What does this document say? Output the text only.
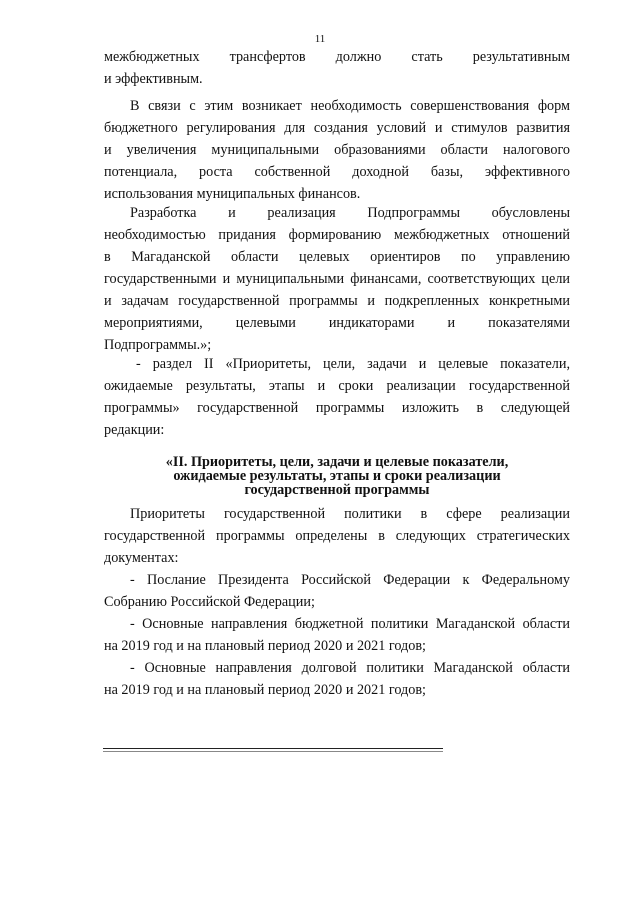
11
межбюджетных трансфертов должно стать результативным
и эффективным.
В связи с этим возникает необходимость совершенствования форм
бюджетного регулирования для создания условий и стимулов развития
и увеличения муниципальными образованиями области налогового
потенциала, роста собственной доходной базы, эффективного
использования муниципальных финансов.
Разработка и реализация Подпрограммы обусловлены
необходимостью придания формированию межбюджетных отношений
в Магаданской области целевых ориентиров по управлению
государственными и муниципальными финансами, соответствующих цели
и задачам государственной программы и подкрепленных конкретными
мероприятиями, целевыми индикаторами и показателями
Подпрограммы.»;
- раздел II «Приоритеты, цели, задачи и целевые показатели,
ожидаемые результаты, этапы и сроки реализации государственной
программы» государственной программы изложить в следующей
редакции:
«II. Приоритеты, цели, задачи и целевые показатели,
ожидаемые результаты, этапы и сроки реализации
государственной программы
Приоритеты государственной политики в сфере реализации
государственной программы определены в следующих стратегических
документах:
- Послание Президента Российской Федерации к Федеральному
Собранию Российской Федерации;
- Основные направления бюджетной политики Магаданской области
на 2019 год и на плановый период 2020 и 2021 годов;
- Основные направления долговой политики Магаданской области
на 2019 год и на плановый период 2020 и 2021 годов;
